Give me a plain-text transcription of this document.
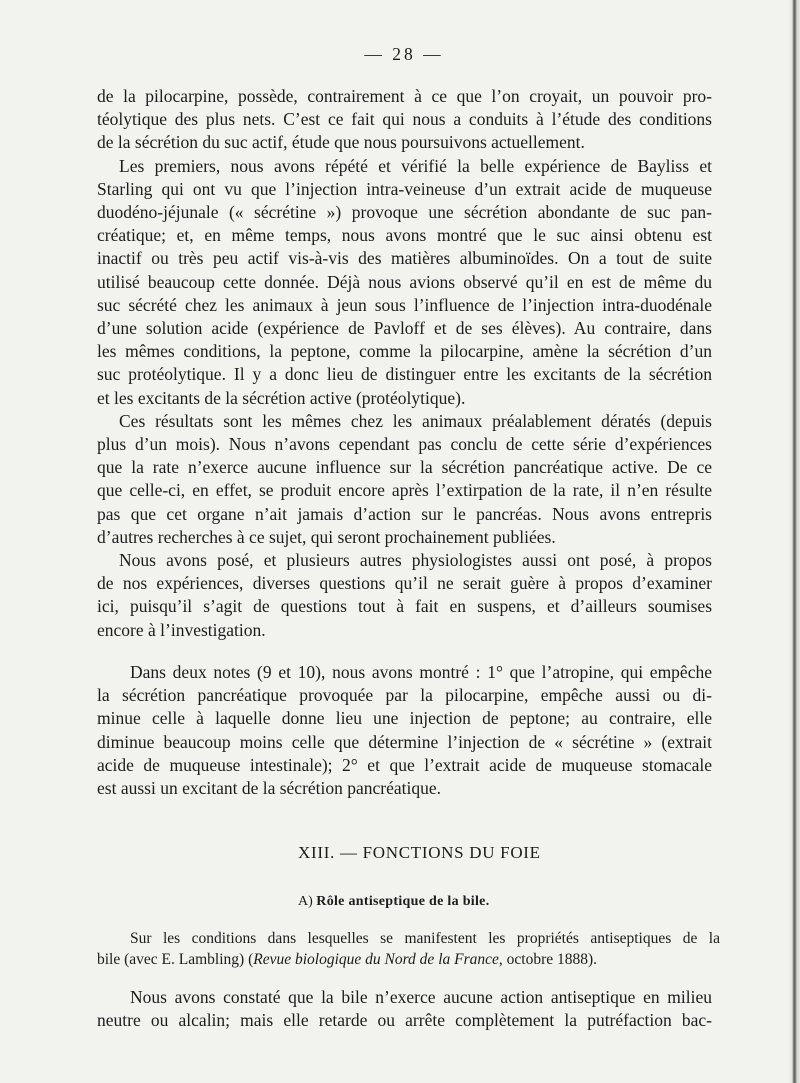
— 28 —
de la pilocarpine, possède, contrairement à ce que l’on croyait, un pouvoir pro-
téolytique des plus nets. C’est ce fait qui nous a conduits à l’étude des conditions
de la sécrétion du suc actif, étude que nous poursuivons actuellement.
Les premiers, nous avons répété et vérifié la belle expérience de Bayliss et
Starling qui ont vu que l’injection intra-veineuse d’un extrait acide de muqueuse
duodéno-jéjunale (« sécrétine ») provoque une sécrétion abondante de suc pan-
créatique; et, en même temps, nous avons montré que le suc ainsi obtenu est
inactif ou très peu actif vis-à-vis des matières albuminoïdes. On a tout de suite
utilisé beaucoup cette donnée. Déjà nous avions observé qu’il en est de même du
suc sécrété chez les animaux à jeun sous l’influence de l’injection intra-duodénale
d’une solution acide (expérience de Pavloff et de ses élèves). Au contraire, dans
les mêmes conditions, la peptone, comme la pilocarpine, amène la sécrétion d’un
suc protéolytique. Il y a donc lieu de distinguer entre les excitants de la sécrétion
et les excitants de la sécrétion active (protéolytique).
Ces résultats sont les mêmes chez les animaux préalablement dératés (depuis
plus d’un mois). Nous n’avons cependant pas conclu de cette série d’expériences
que la rate n’exerce aucune influence sur la sécrétion pancréatique active. De ce
que celle-ci, en effet, se produit encore après l’extirpation de la rate, il n’en résulte
pas que cet organe n’ait jamais d’action sur le pancréas. Nous avons entrepris
d’autres recherches à ce sujet, qui seront prochainement publiées.
Nous avons posé, et plusieurs autres physiologistes aussi ont posé, à propos
de nos expériences, diverses questions qu’il ne serait guère à propos d’examiner
ici, puisqu’il s’agit de questions tout à fait en suspens, et d’ailleurs soumises
encore à l’investigation.
Dans deux notes (9 et 10), nous avons montré : 1° que l’atropine, qui empêche
la sécrétion pancréatique provoquée par la pilocarpine, empêche aussi ou di-
minue celle à laquelle donne lieu une injection de peptone; au contraire, elle
diminue beaucoup moins celle que détermine l’injection de « sécrétine » (extrait
acide de muqueuse intestinale); 2° et que l’extrait acide de muqueuse stomacale
est aussi un excitant de la sécrétion pancréatique.
XIII. — FONCTIONS DU FOIE
A) Rôle antiseptique de la bile.
Sur les conditions dans lesquelles se manifestent les propriétés antiseptiques de la
bile (avec E. Lambling) (Revue biologique du Nord de la France, octobre 1888).
Nous avons constaté que la bile n’exerce aucune action antiseptique en milieu
neutre ou alcalin; mais elle retarde ou arrête complètement la putréfaction bac-
